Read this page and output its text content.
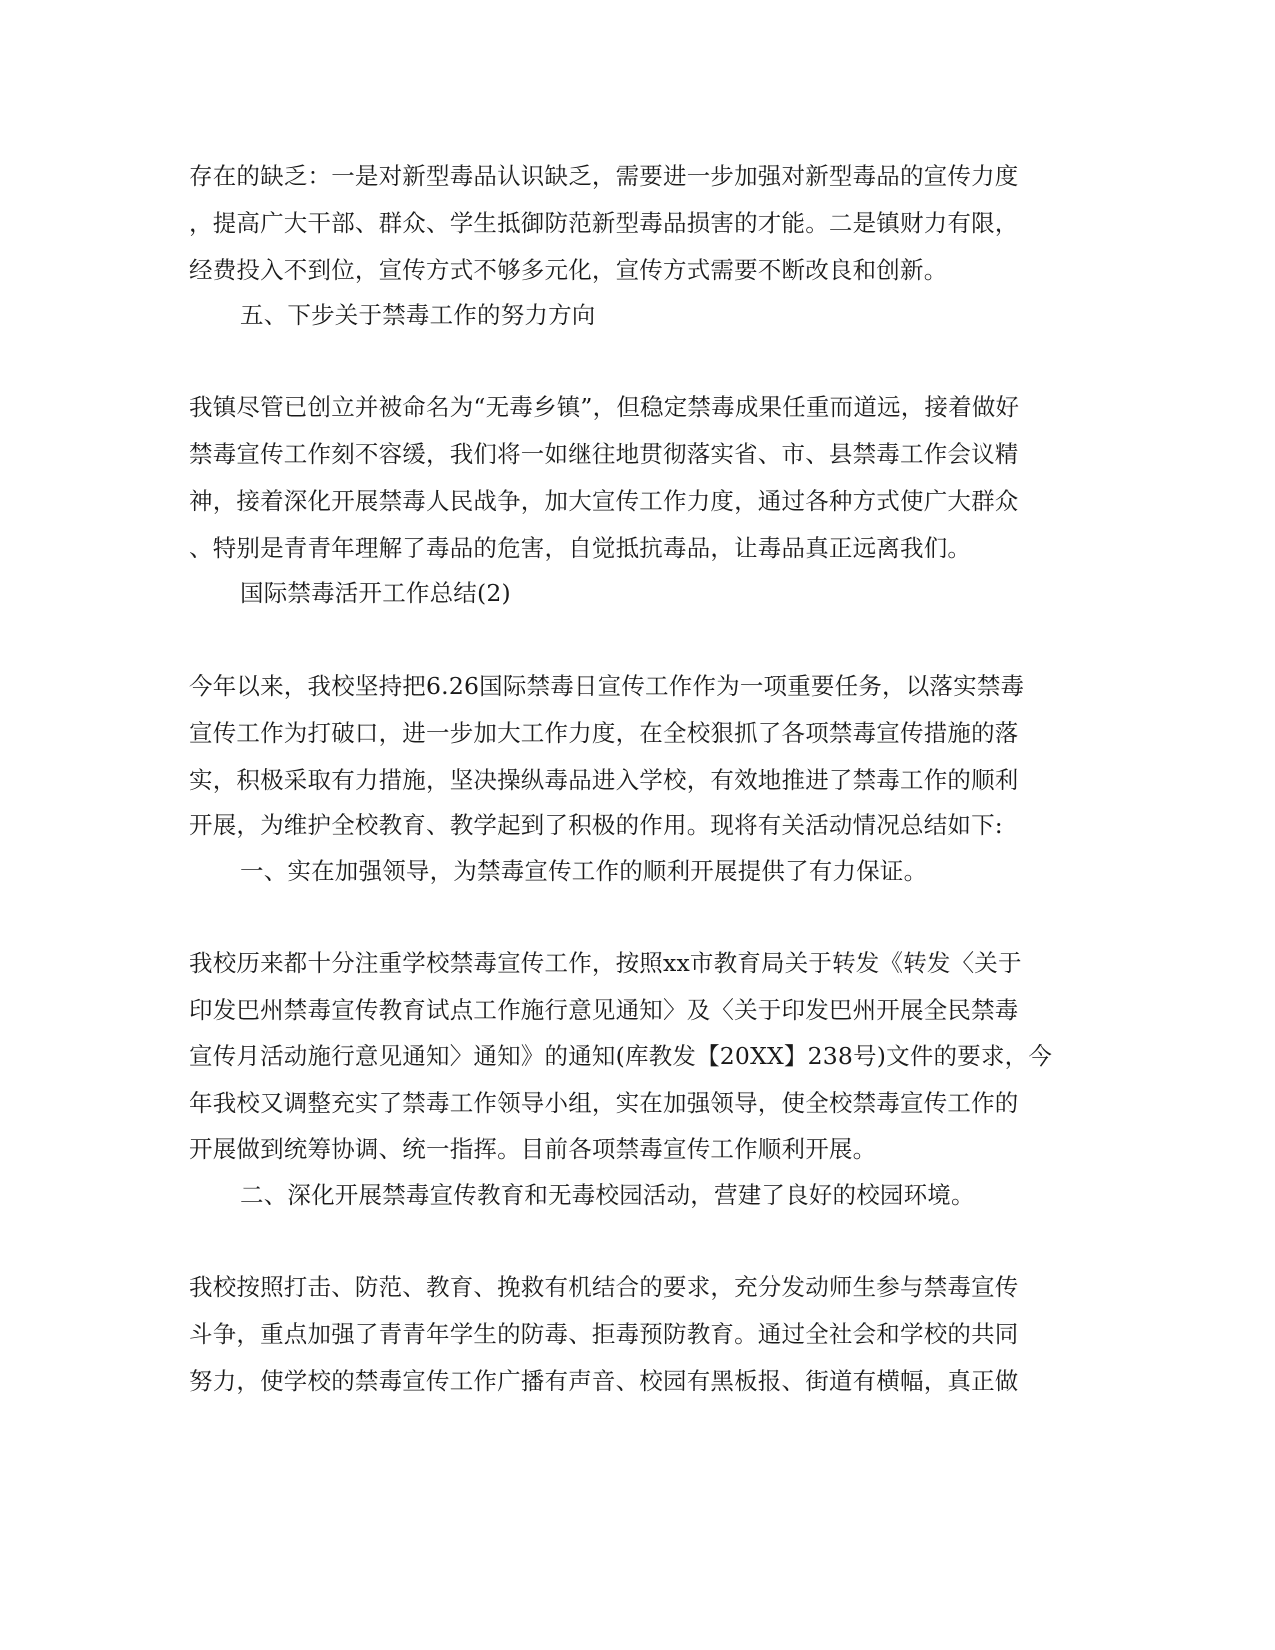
存在的缺乏：一是对新型毒品认识缺乏，需要进一步加强对新型毒品的宣传力度
，提高广大干部、群众、学生抵御防范新型毒品损害的才能。二是镇财力有限，
经费投入不到位，宣传方式不够多元化，宣传方式需要不断改良和创新。
五、下步关于禁毒工作的努力方向
我镇尽管已创立并被命名为“无毒乡镇”，但稳定禁毒成果任重而道远，接着做好
禁毒宣传工作刻不容缓，我们将一如继往地贯彻落实省、市、县禁毒工作会议精
神，接着深化开展禁毒人民战争，加大宣传工作力度，通过各种方式使广大群众
、特别是青青年理解了毒品的危害，自觉抵抗毒品，让毒品真正远离我们。
国际禁毒活开工作总结(2)
今年以来，我校坚持把6.26国际禁毒日宣传工作作为一项重要任务，以落实禁毒
宣传工作为打破口，进一步加大工作力度，在全校狠抓了各项禁毒宣传措施的落
实，积极采取有力措施，坚决操纵毒品进入学校，有效地推进了禁毒工作的顺利
开展，为维护全校教育、教学起到了积极的作用。现将有关活动情况总结如下:
一、实在加强领导，为禁毒宣传工作的顺利开展提供了有力保证。
我校历来都十分注重学校禁毒宣传工作，按照xx市教育局关于转发《转发〈关于
印发巴州禁毒宣传教育试点工作施行意见通知〉及〈关于印发巴州开展全民禁毒
宣传月活动施行意见通知〉通知》的通知(库教发【20XX】238号)文件的要求，今
年我校又调整充实了禁毒工作领导小组，实在加强领导，使全校禁毒宣传工作的
开展做到统筹协调、统一指挥。目前各项禁毒宣传工作顺利开展。
二、深化开展禁毒宣传教育和无毒校园活动，营建了良好的校园环境。
我校按照打击、防范、教育、挽救有机结合的要求，充分发动师生参与禁毒宣传
斗争，重点加强了青青年学生的防毒、拒毒预防教育。通过全社会和学校的共同
努力，使学校的禁毒宣传工作广播有声音、校园有黑板报、街道有横幅，真正做
